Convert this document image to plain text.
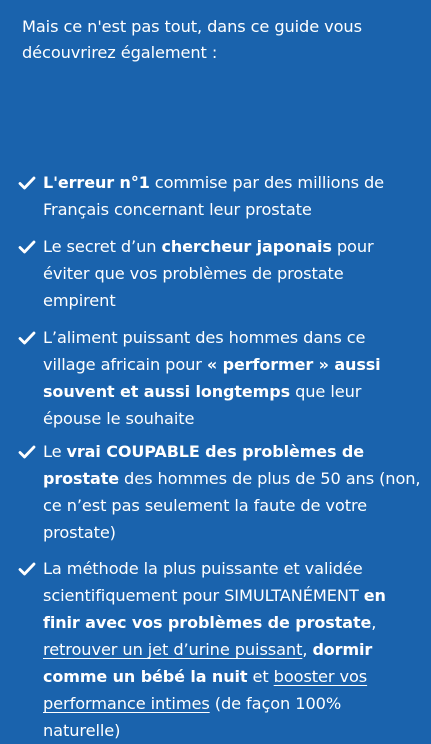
Mais ce n'est pas tout, dans ce guide vous découvrirez également :

L'erreur n°1 commise par des millions de Français concernant leur prostate

Le secret d’un chercheur japonais pour éviter que vos problèmes de prostate empirent

L’aliment puissant des hommes dans ce village africain pour « performer » aussi souvent et aussi longtemps que leur épouse le souhaite

Le vrai COUPABLE des problèmes de prostate des hommes de plus de 50 ans (non, ce n’est pas seulement la faute de votre prostate)

La méthode la plus puissante et validée scientifiquement pour SIMULTANÉMENT en finir avec vos problèmes de prostate, retrouver un jet d’urine puissant, dormir comme un bébé la nuit et booster vos performance intimes (de façon 100% naturelle)
